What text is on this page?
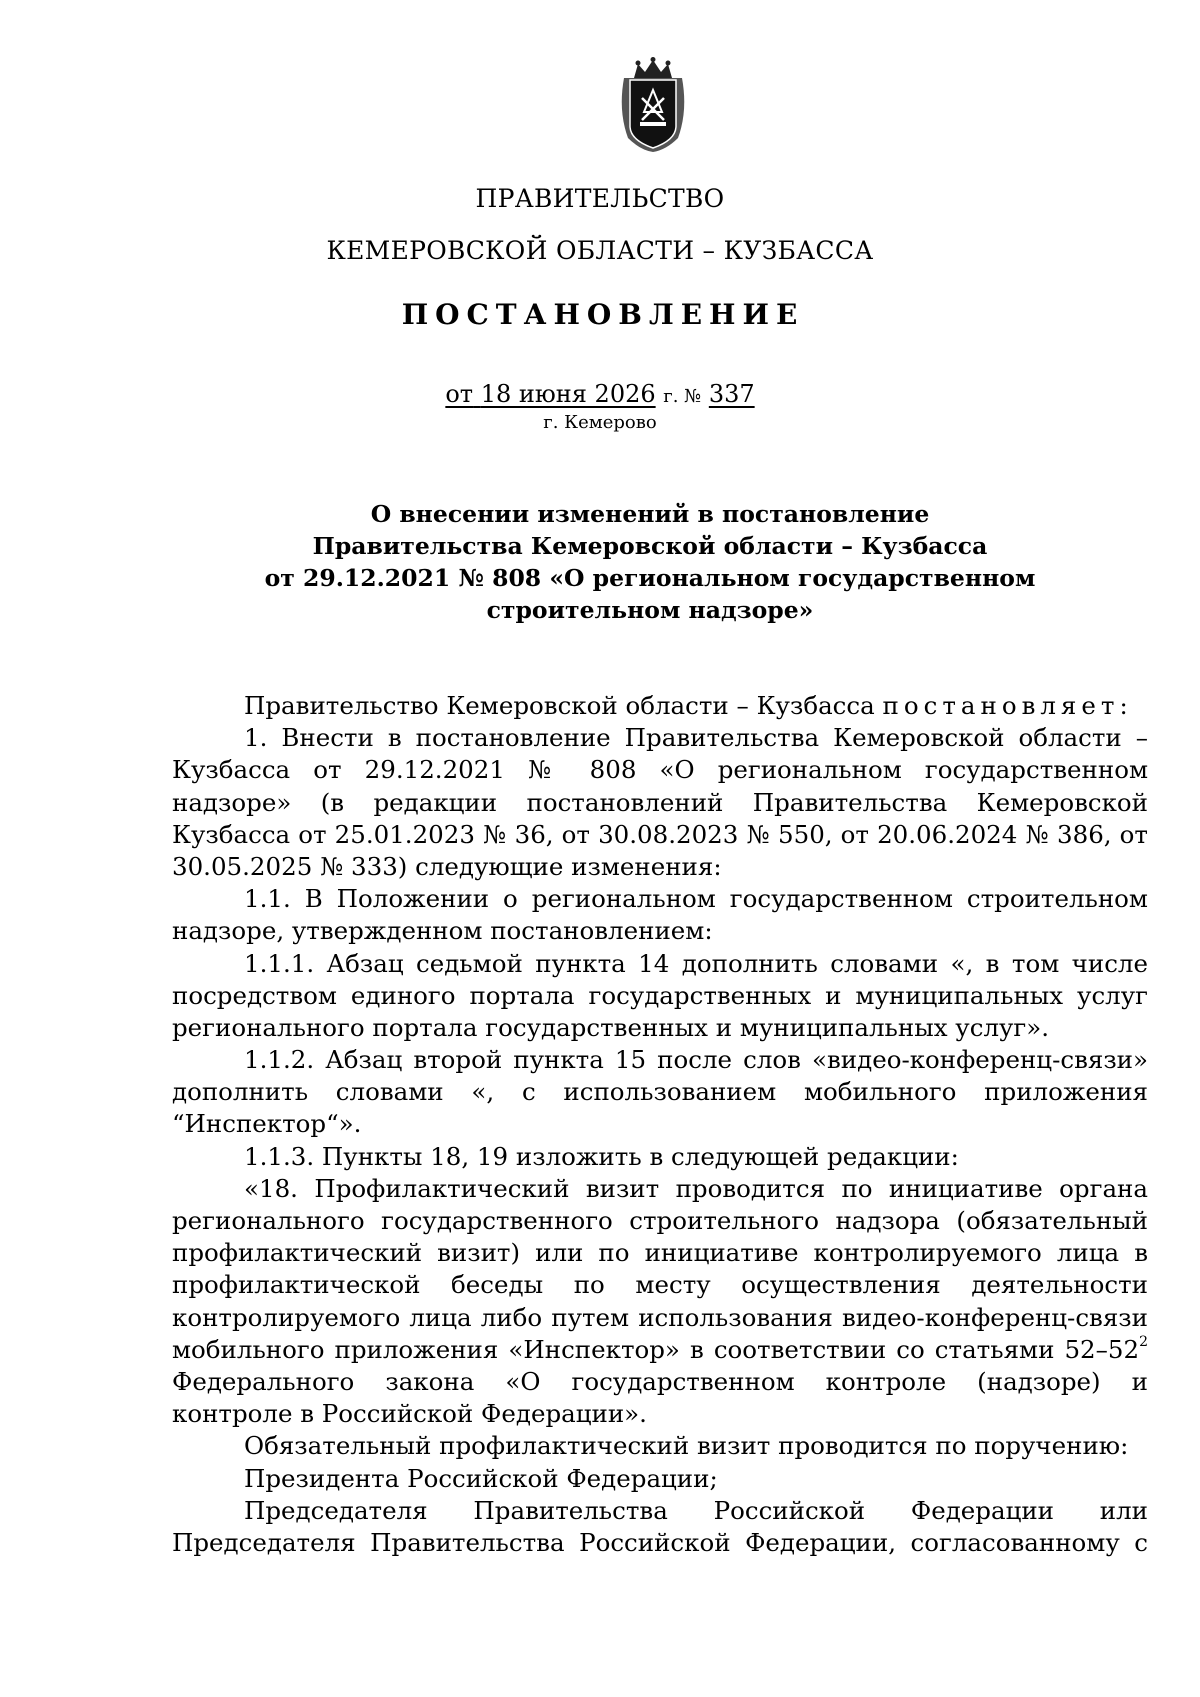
ПРАВИТЕЛЬСТВО
КЕМЕРОВСКОЙ ОБЛАСТИ – КУЗБАССА
ПОСТАНОВЛЕНИЕ
от 18 июня 2026 г. № 337
г. Кемерово
О внесении изменений в постановление
Правительства Кемеровской области – Кузбасса
от 29.12.2021 № 808 «О региональном государственном
строительном надзоре»
Правительство Кемеровской области – Кузбасса постановляет:
1. Внести в постановление Правительства Кемеровской области –
Кузбасса от 29.12.2021 № 808 «О региональном государственном
надзоре» (в редакции постановлений Правительства Кемеровской
Кузбасса от 25.01.2023 № 36, от 30.08.2023 № 550, от 20.06.2024 № 386, от
30.05.2025 № 333) следующие изменения:
1.1. В Положении о региональном государственном строительном
надзоре, утвержденном постановлением:
1.1.1. Абзац седьмой пункта 14 дополнить словами «, в том числе
посредством единого портала государственных и муниципальных услуг
регионального портала государственных и муниципальных услуг».
1.1.2. Абзац второй пункта 15 после слов «видео-конференц-связи»
дополнить словами «, с использованием мобильного приложения
“Инспектор“».
1.1.3. Пункты 18, 19 изложить в следующей редакции:
«18. Профилактический визит проводится по инициативе органа
регионального государственного строительного надзора (обязательный
профилактический визит) или по инициативе контролируемого лица в
профилактической беседы по месту осуществления деятельности
контролируемого лица либо путем использования видео-конференц-связи
мобильного приложения «Инспектор» в соответствии со статьями $52-52^2$
Федерального закона «О государственном контроле (надзоре) и
контроле в Российской Федерации».
Обязательный профилактический визит проводится по поручению:
Президента Российской Федерации;
Председателя Правительства Российской Федерации или
Председателя Правительства Российской Федерации, согласованному с
